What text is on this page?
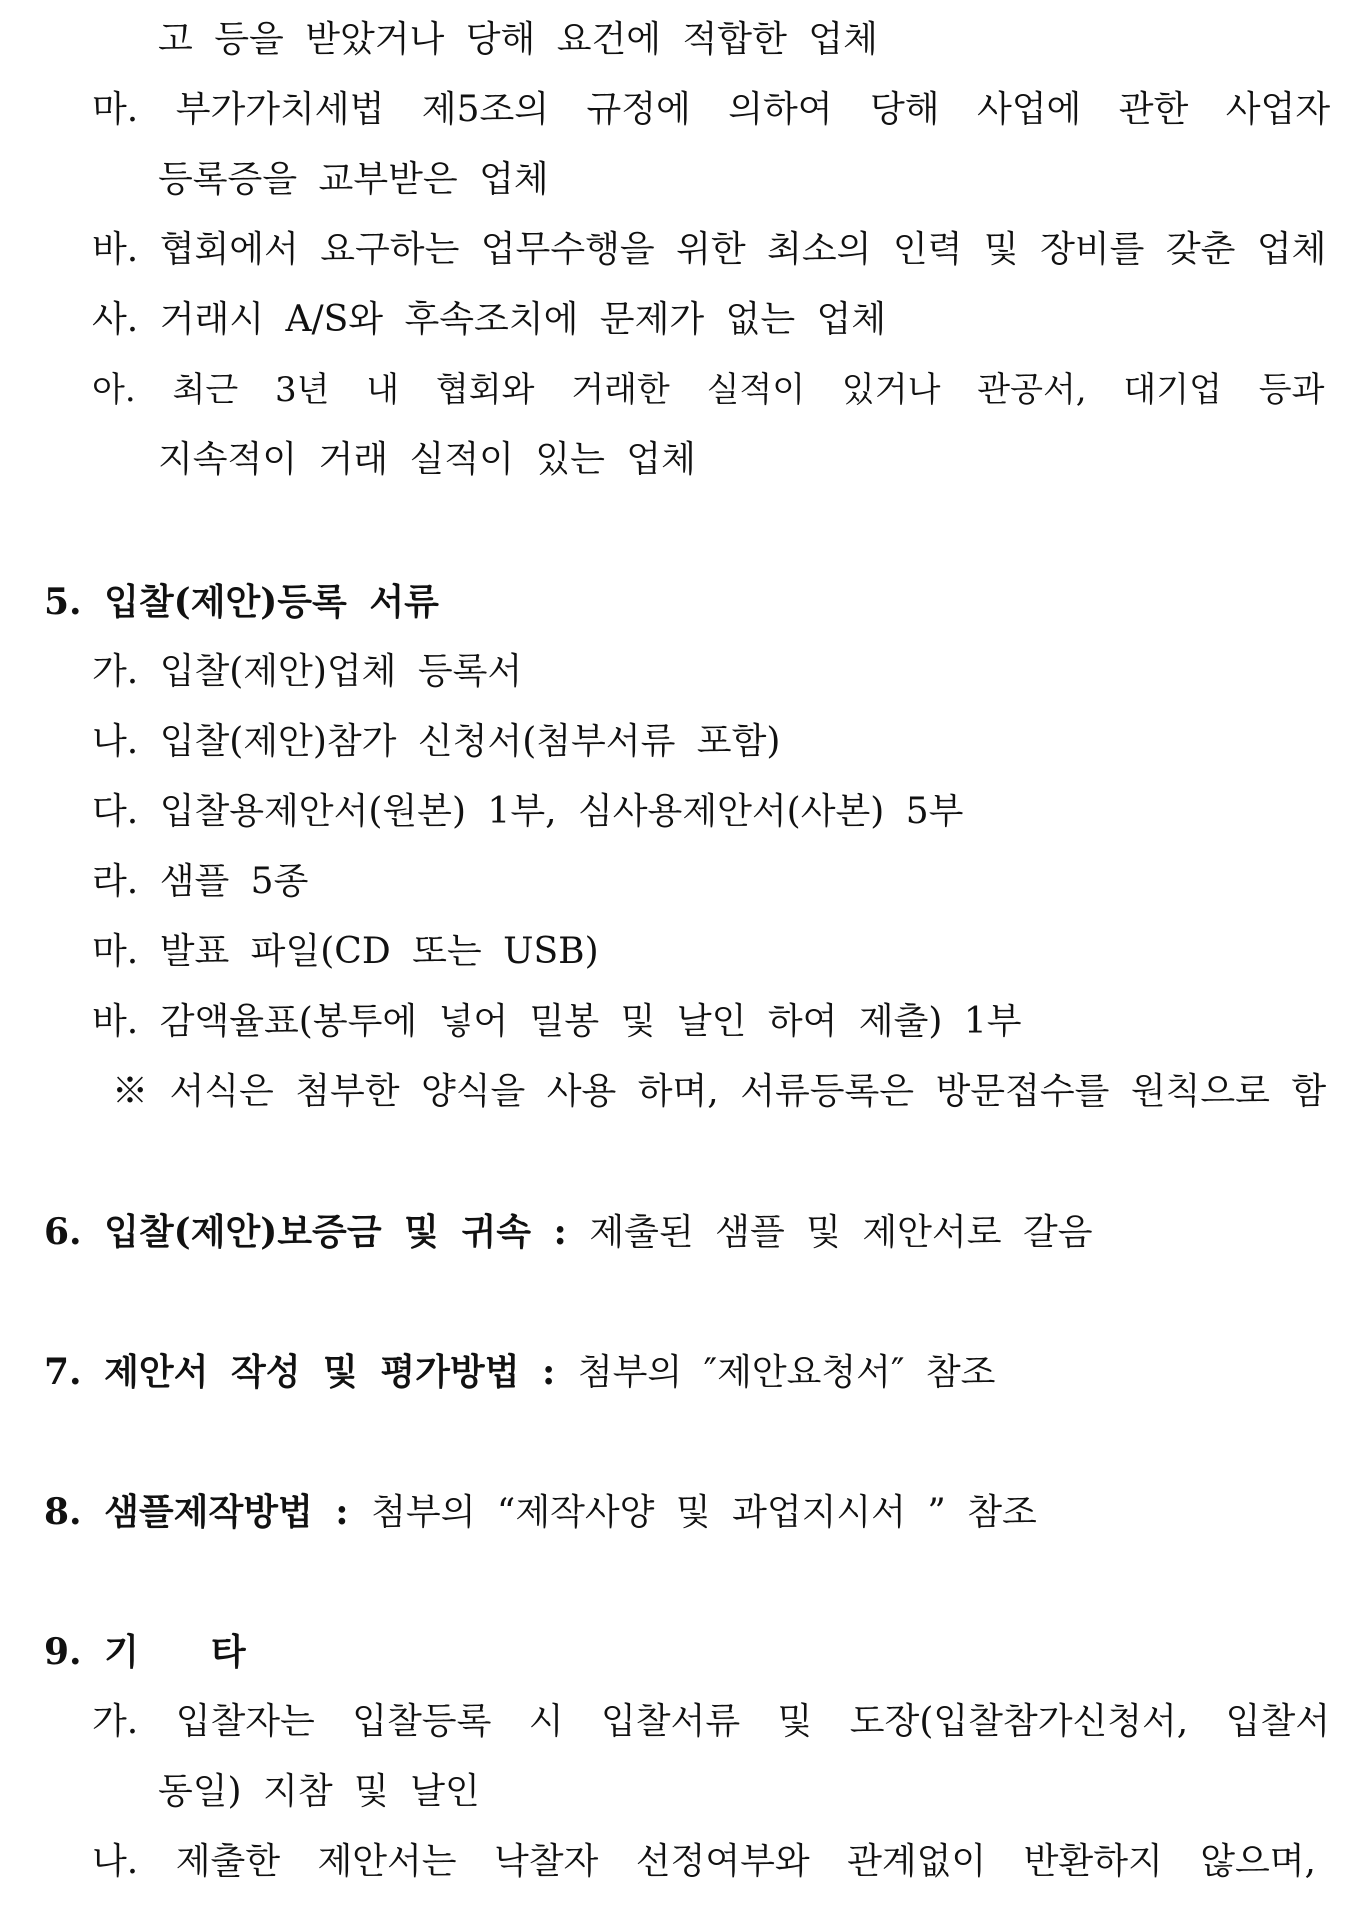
고 등을 받았거나 당해 요건에 적합한 업체
마. 부가가치세법 제5조의 규정에 의하여 당해 사업에 관한 사업자
등록증을 교부받은 업체
바. 협회에서 요구하는 업무수행을 위한 최소의 인력 및 장비를 갖춘 업체
사. 거래시 A/S와 후속조치에 문제가 없는 업체
아. 최근 3년 내 협회와 거래한 실적이 있거나 관공서, 대기업 등과
지속적이 거래 실적이 있는 업체
5. 입찰(제안)등록 서류
가. 입찰(제안)업체 등록서
나. 입찰(제안)참가 신청서(첨부서류 포함)
다. 입찰용제안서(원본) 1부, 심사용제안서(사본) 5부
라. 샘플 5종
마. 발표 파일(CD 또는 USB)
바. 감액율표(봉투에 넣어 밀봉 및 날인 하여 제출) 1부
※ 서식은 첨부한 양식을 사용 하며, 서류등록은 방문접수를 원칙으로 함
6. 입찰(제안)보증금 및 귀속 : 제출된 샘플 및 제안서로 갈음
7. 제안서 작성 및 평가방법 : 첨부의 ″제안요청서″ 참조
8. 샘플제작방법 : 첨부의 “제작사양 및 과업지시서 ” 참조
9. 기　　타
가. 입찰자는 입찰등록 시 입찰서류 및 도장(입찰참가신청서, 입찰서
동일) 지참 및 날인
나. 제출한 제안서는 낙찰자 선정여부와 관계없이 반환하지 않으며,
